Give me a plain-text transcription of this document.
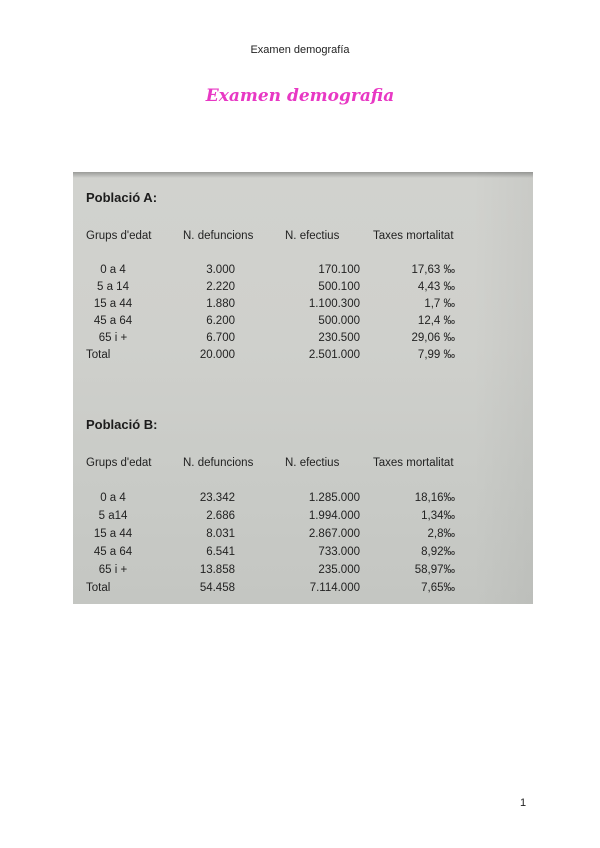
Examen demografía
Examen demografia
Població A:
Grups d'edat	N. defuncions	N. efectius	Taxes mortalitat
0 a 4	3.000	170.100	17,63 ‰
5 a 14	2.220	500.100	4,43 ‰
15 a 44	1.880	1.100.300	1,7 ‰
45 a 64	6.200	500.000	12,4 ‰
65 i +	6.700	230.500	29,06 ‰
Total	20.000	2.501.000	7,99 ‰
Població B:
Grups d'edat	N. defuncions	N. efectius	Taxes mortalitat
0 a 4	23.342	1.285.000	18,16‰
5 a14	2.686	1.994.000	1,34‰
15 a 44	8.031	2.867.000	2,8‰
45 a 64	6.541	733.000	8,92‰
65 i +	13.858	235.000	58,97‰
Total	54.458	7.114.000	7,65‰
1
